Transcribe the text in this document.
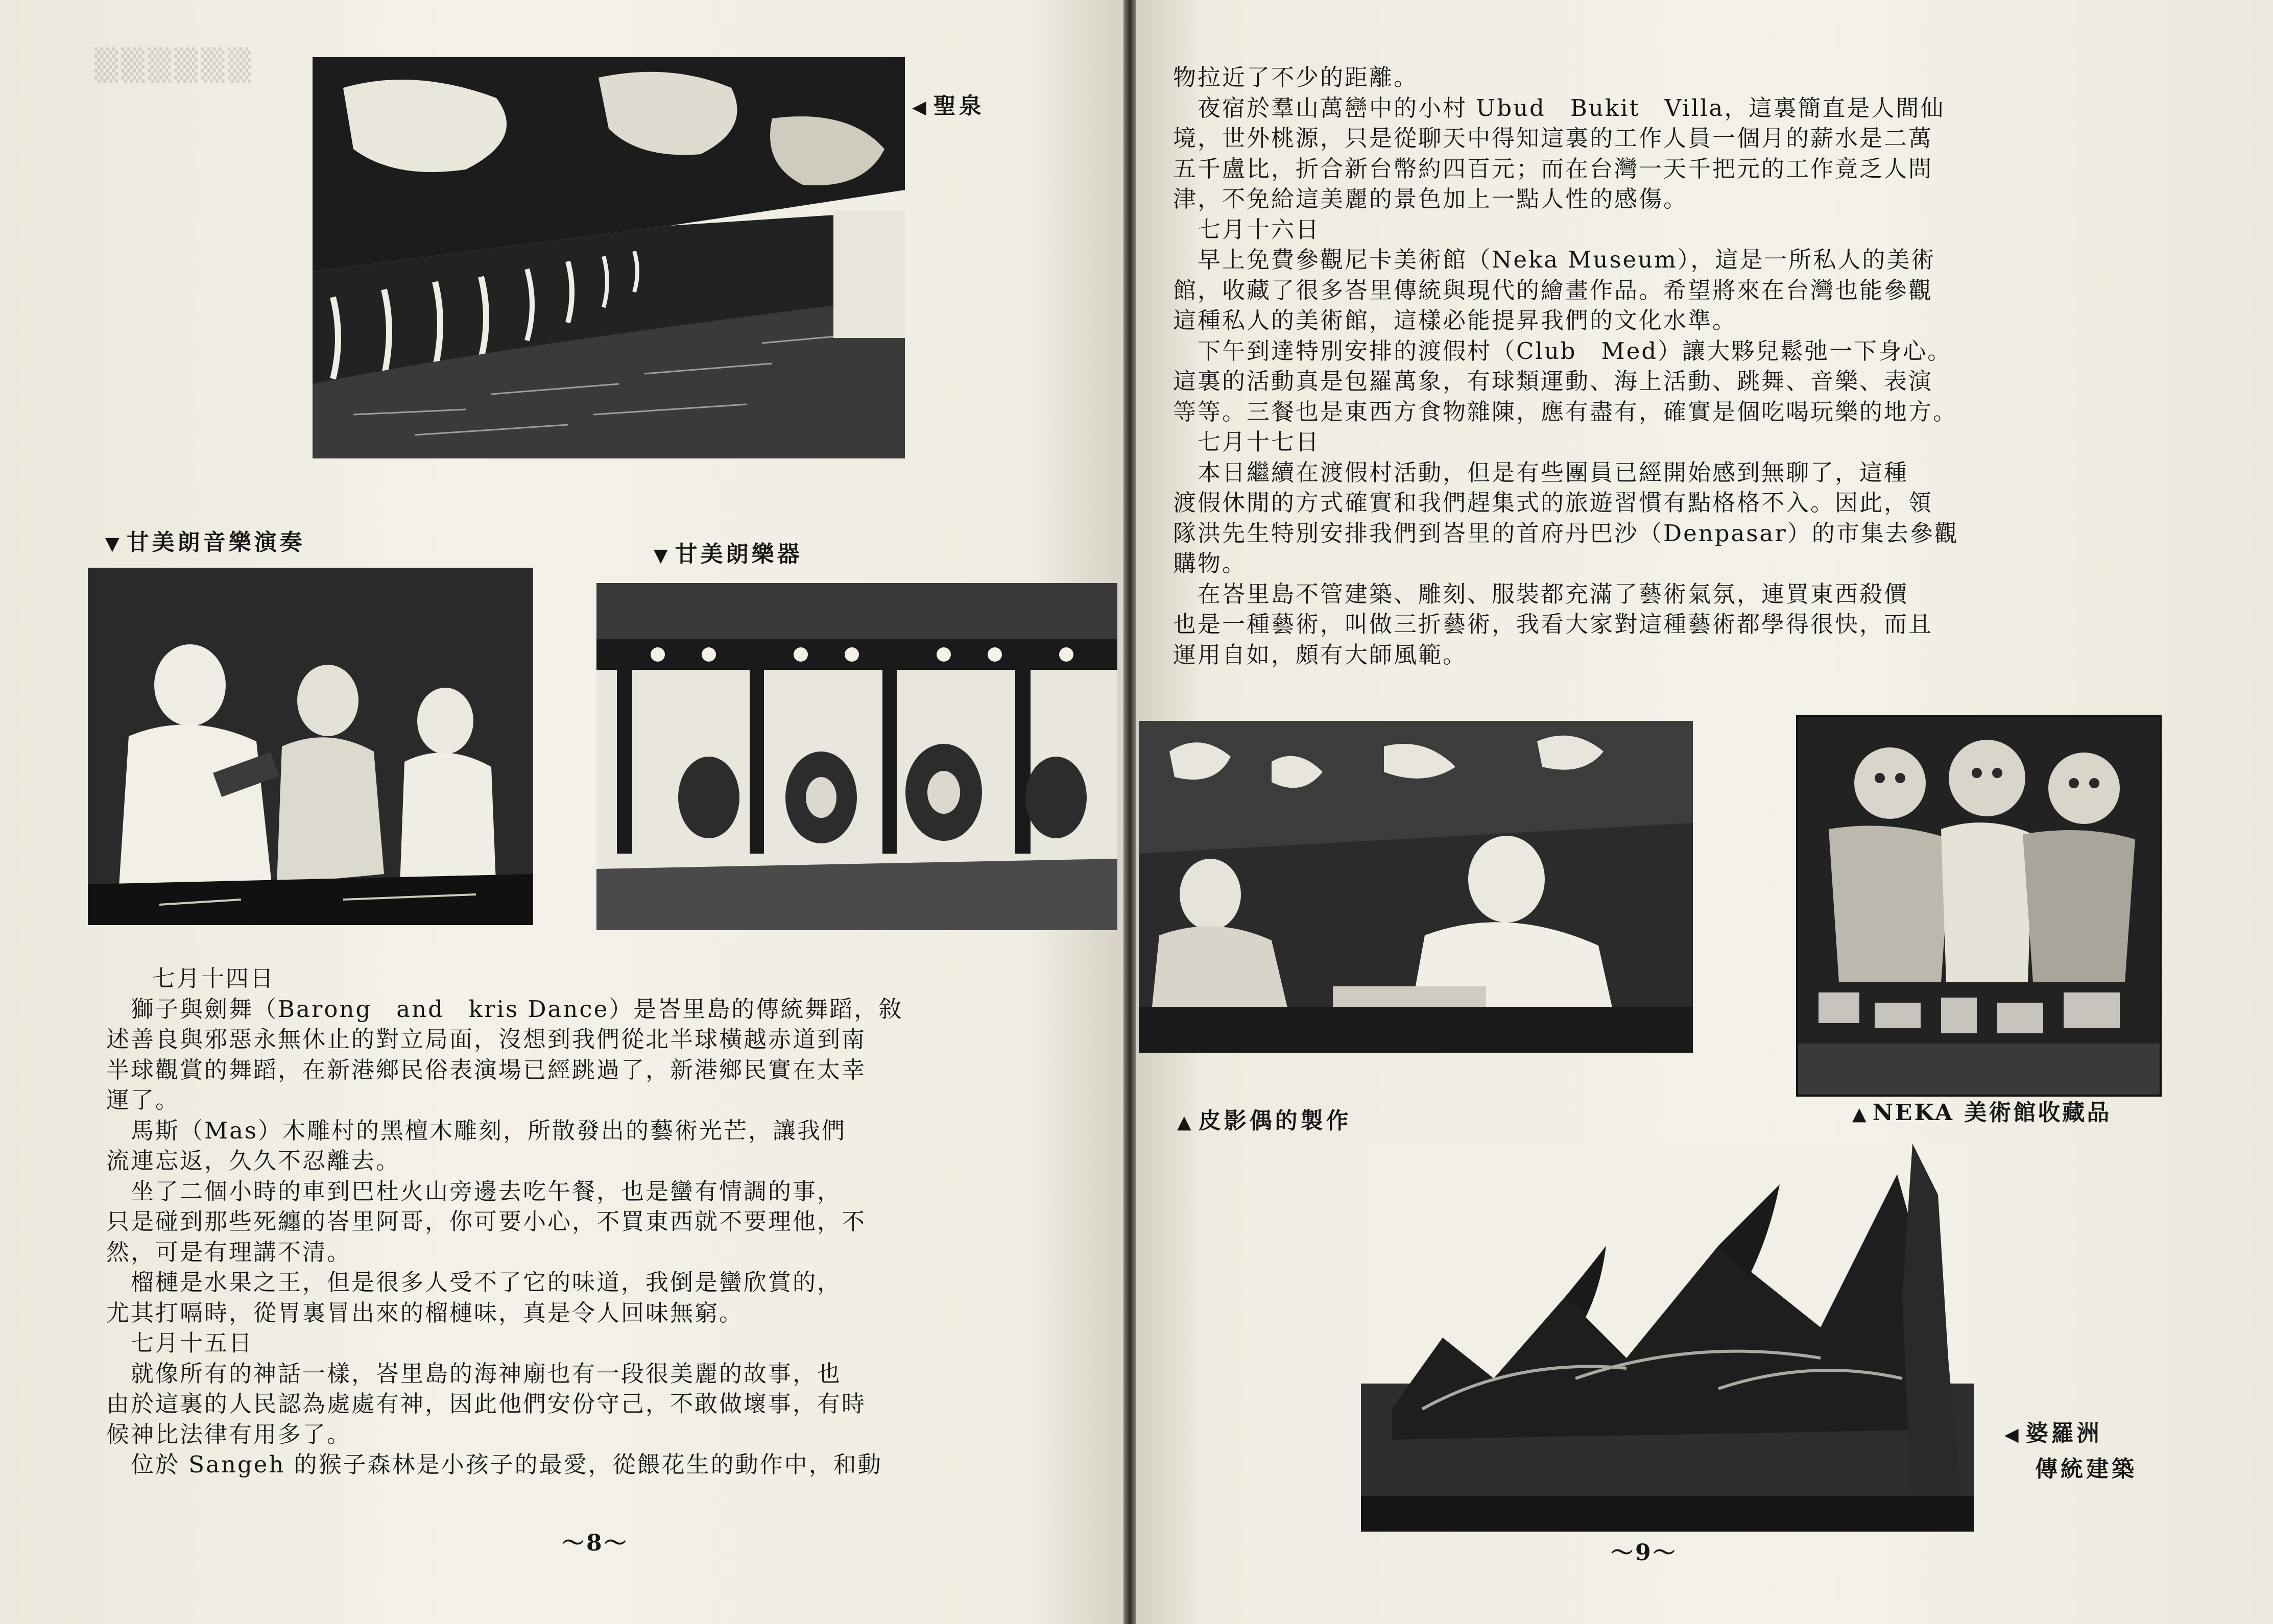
▒▒▒▒▒▒
◀ 聖泉
▼ 甘美朗音樂演奏	▼ 甘美朗樂器

七月十四日

　獅子與劍舞（Barong　and　kris Dance）是峇里島的傳統舞蹈，敘

述善良與邪惡永無休止的對立局面，沒想到我們從北半球橫越赤道到南

半球觀賞的舞蹈，在新港鄉民俗表演場已經跳過了，新港鄉民實在太幸

運了。

　馬斯（Mas）木雕村的黑檀木雕刻，所散發出的藝術光芒，讓我們

流連忘返，久久不忍離去。

　坐了二個小時的車到巴杜火山旁邊去吃午餐，也是蠻有情調的事，

只是碰到那些死纏的峇里阿哥，你可要小心，不買東西就不要理他，不

然，可是有理講不清。

　榴槤是水果之王，但是很多人受不了它的味道，我倒是蠻欣賞的，

尤其打嗝時，從胃裏冒出來的榴槤味，真是令人回味無窮。

　七月十五日

　就像所有的神話一樣，峇里島的海神廟也有一段很美麗的故事，也

由於這裏的人民認為處處有神，因此他們安份守己，不敢做壞事，有時

候神比法律有用多了。

　位於 Sangeh 的猴子森林是小孩子的最愛，從餵花生的動作中，和動

～8～

物拉近了不少的距離。

　夜宿於羣山萬巒中的小村 Ubud　Bukit　Villa，這裏簡直是人間仙

境，世外桃源，只是從聊天中得知這裏的工作人員一個月的薪水是二萬

五千盧比，折合新台幣約四百元；而在台灣一天千把元的工作竟乏人問

津，不免給這美麗的景色加上一點人性的感傷。

　七月十六日

　早上免費參觀尼卡美術館（Neka Museum），這是一所私人的美術

館，收藏了很多峇里傳統與現代的繪畫作品。希望將來在台灣也能參觀

這種私人的美術館，這樣必能提昇我們的文化水準。

　下午到達特別安排的渡假村（Club　Med）讓大夥兒鬆弛一下身心。

這裏的活動真是包羅萬象，有球類運動、海上活動、跳舞、音樂、表演

等等。三餐也是東西方食物雜陳，應有盡有，確實是個吃喝玩樂的地方。

　七月十七日

　本日繼續在渡假村活動，但是有些團員已經開始感到無聊了，這種

渡假休閒的方式確實和我們趕集式的旅遊習慣有點格格不入。因此，領

隊洪先生特別安排我們到峇里的首府丹巴沙（Denpasar）的市集去參觀

購物。

　在峇里島不管建築、雕刻、服裝都充滿了藝術氣氛，連買東西殺價

也是一種藝術，叫做三折藝術，我看大家對這種藝術都學得很快，而且

運用自如，頗有大師風範。

▲ 皮影偶的製作	▲ NEKA 美術館收藏品
◀ 婆羅洲
傳統建築
～9～
